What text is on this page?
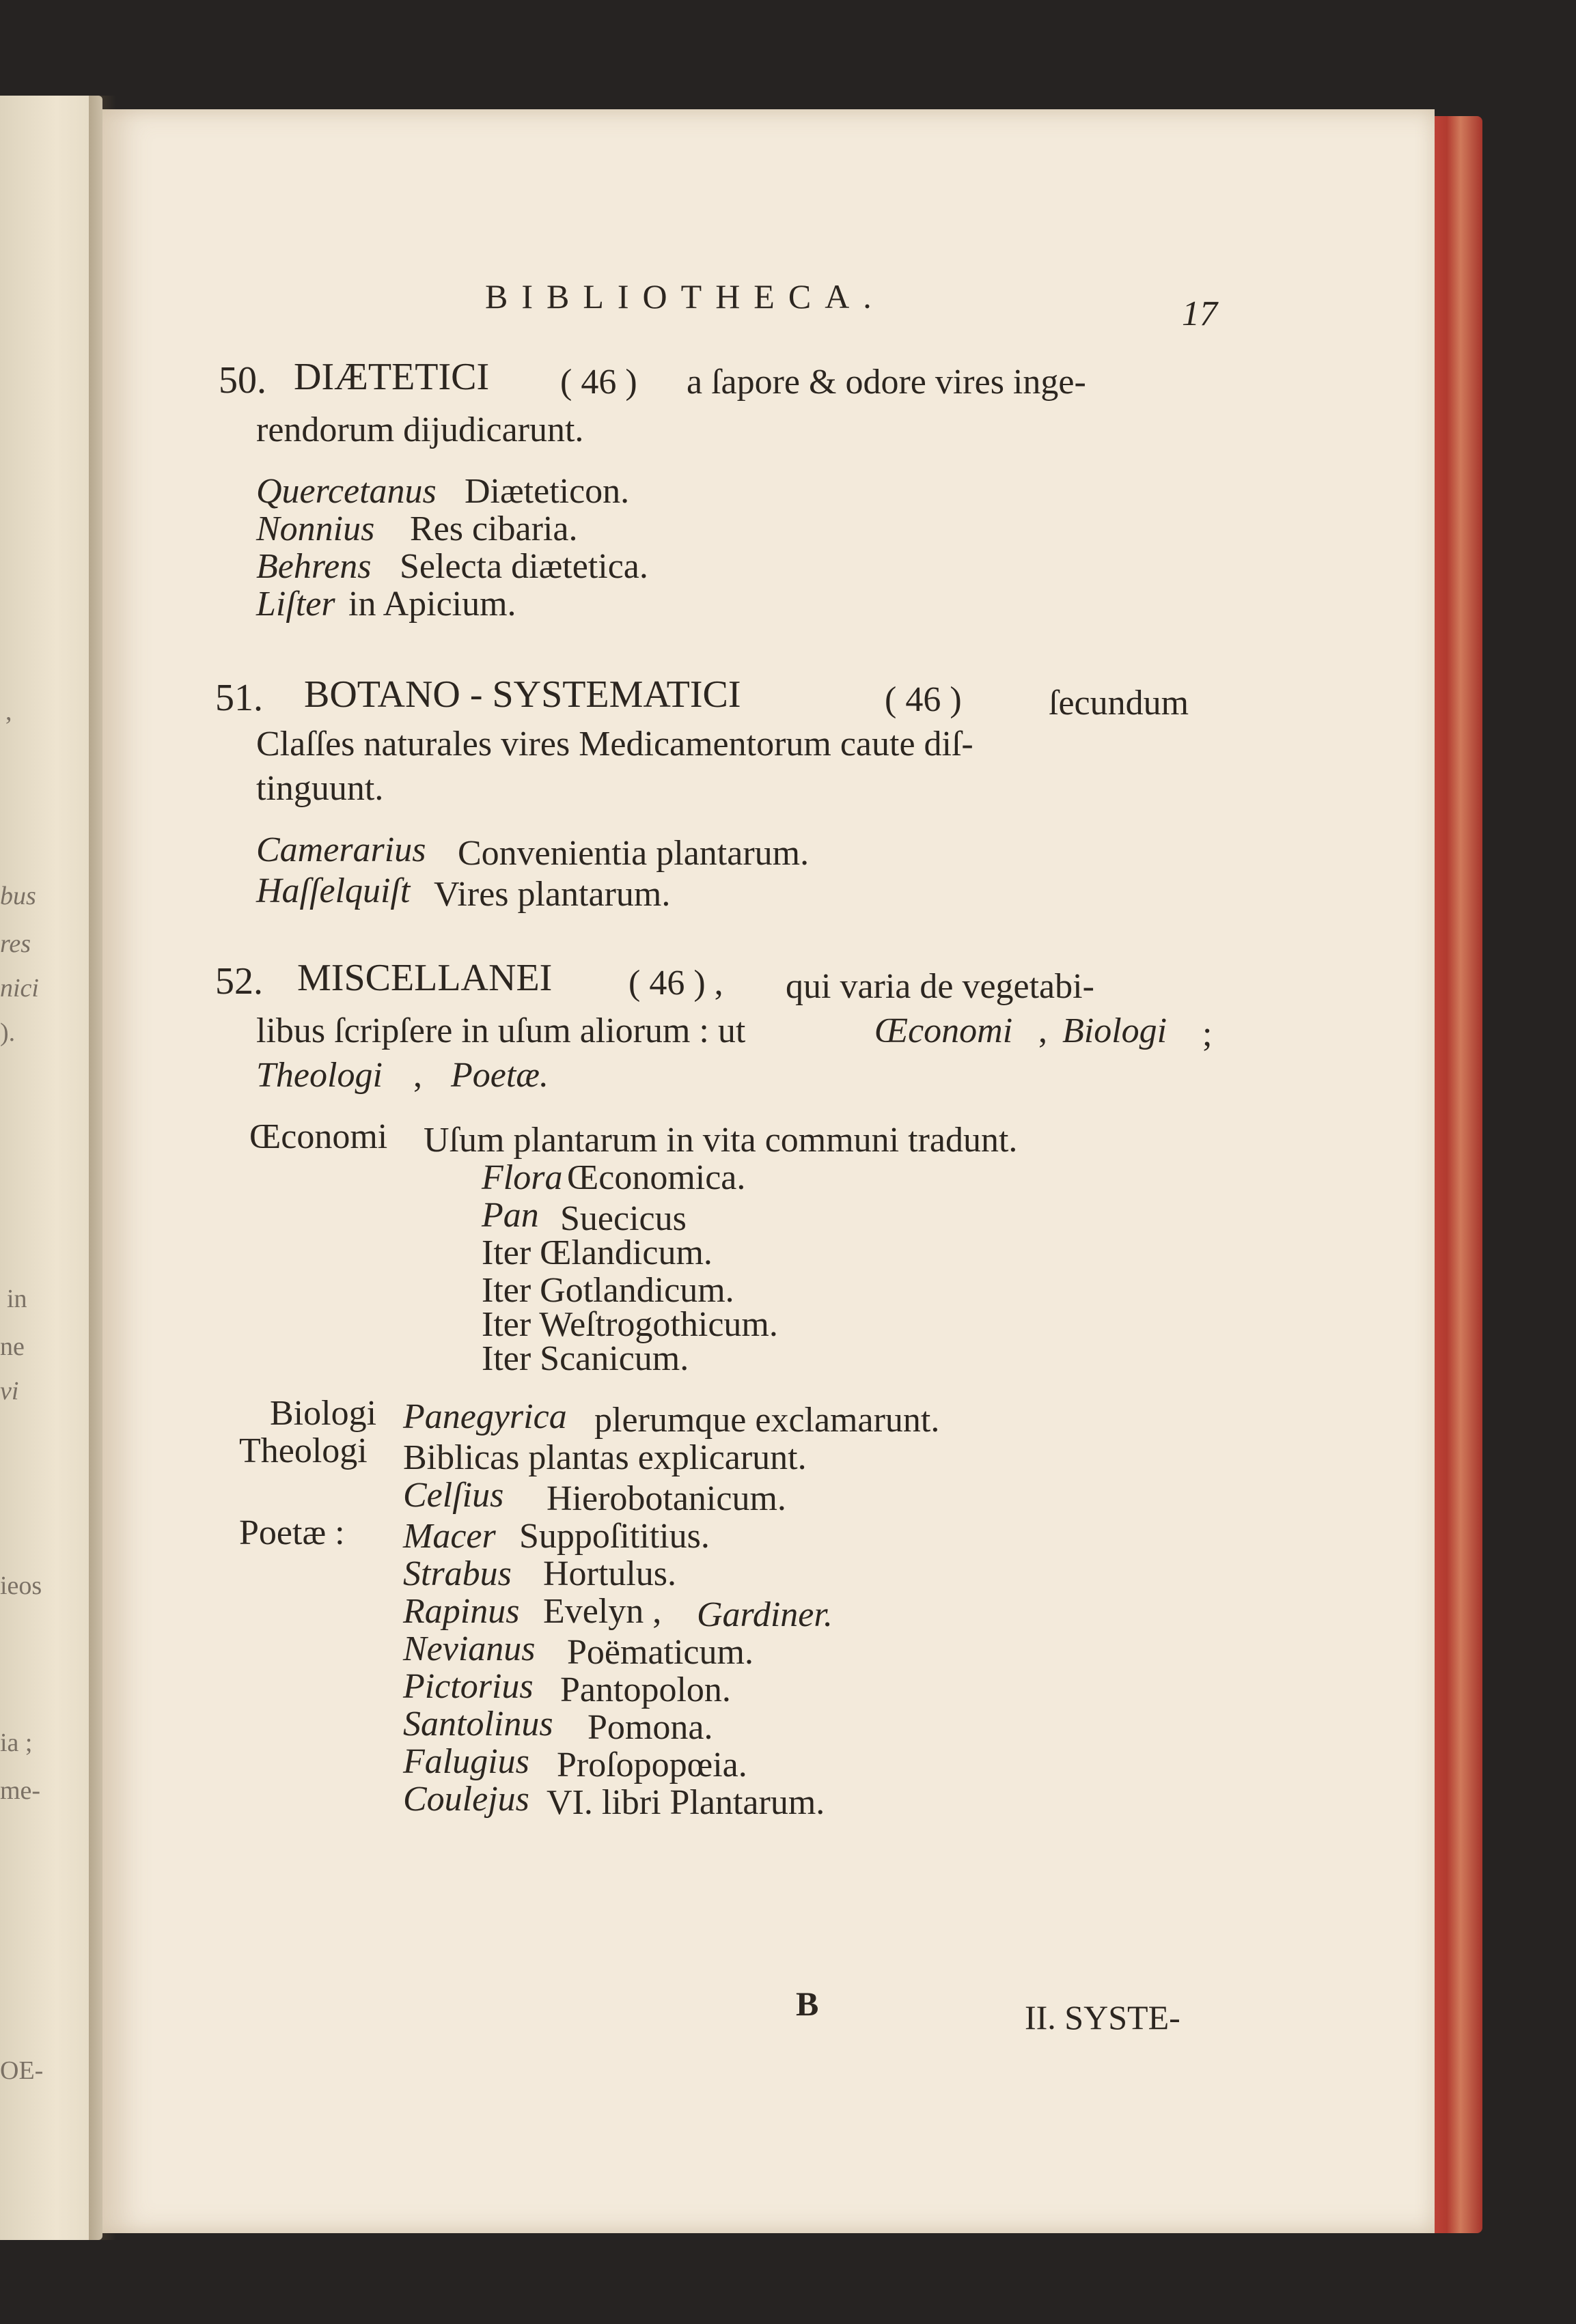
,
bus
res
nici
).
in
ne
vi
ieos
ia ;
me-
OE-
BIBLIOTHECA.	17
50. DIÆTETICI ( 46 ) a ſapore & odore vires inge-
rendorum dijudicarunt.
Quercetanus Diæteticon.
Nonnius Res cibaria.
Behrens Selecta diætetica.
Liſter in Apicium.
51. BOTANO - SYSTEMATICI	( 46 ) ſecundum
Claſſes naturales vires Medicamentorum caute diſ-
tinguunt.
Camerarius Convenientia plantarum.
Haſſelquiſt Vires plantarum.
52. MISCELLANEI ( 46 ) , qui varia de vegetabi-
libus ſcripſere in uſum aliorum : ut	Œconomi , Biologi ;
Theologi , Poetæ.
Œconomi Uſum plantarum in vita communi tradunt.
Flora Œconomica.
Pan Suecicus
Iter Œlandicum.
Iter Gotlandicum.
Iter Weſtrogothicum.
Iter Scanicum.
Biologi Panegyrica plerumque exclamarunt.
Theologi Biblicas plantas explicarunt.
Celſius Hierobotanicum.
Poetæ : Macer Suppoſititius.
Strabus Hortulus.
Rapinus Evelyn , Gardiner.
Nevianus Poëmaticum.
Pictorius Pantopolon.
Santolinus Pomona.
Falugius Proſopopœia.
Coulejus VI. libri Plantarum.
B	II. SYSTE-
